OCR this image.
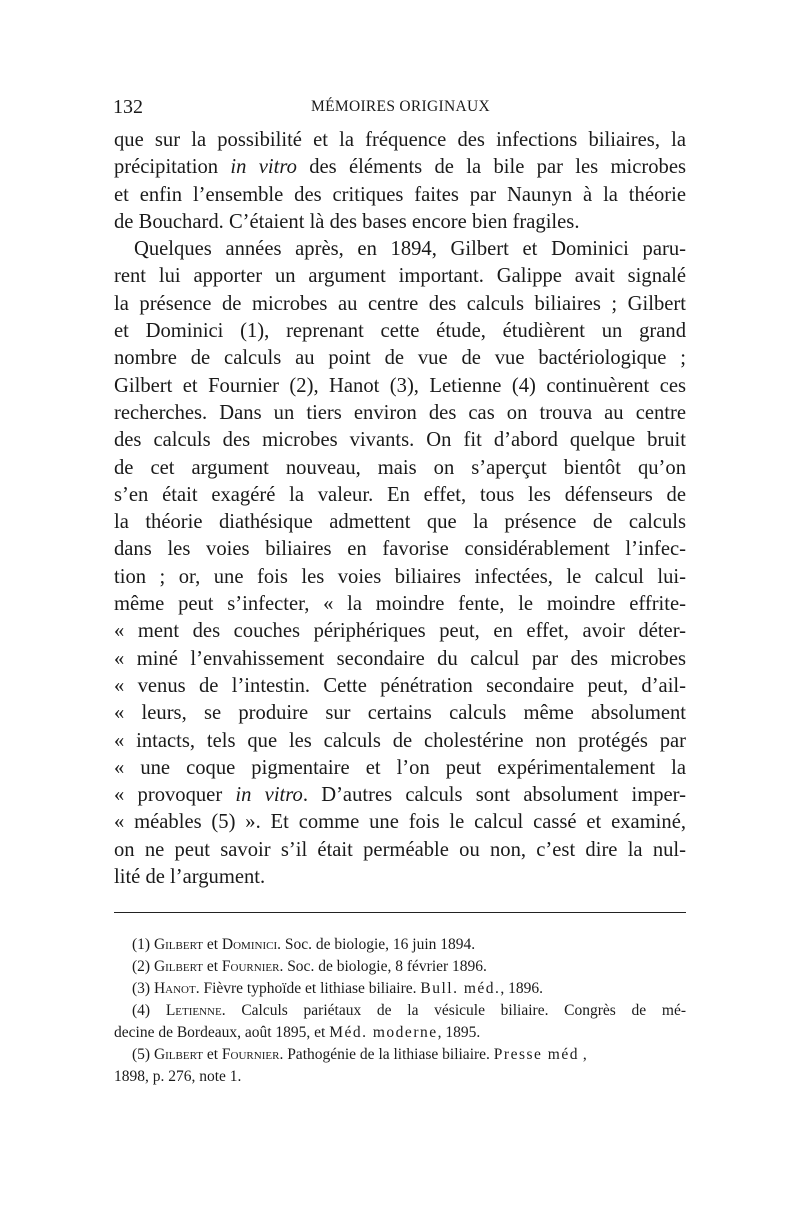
132	MÉMOIRES ORIGINAUX
que sur la possibilité et la fréquence des infections biliaires, la
précipitation in vitro des éléments de la bile par les microbes
et enfin l’ensemble des critiques faites par Naunyn à la théorie
de Bouchard. C’étaient là des bases encore bien fragiles.
Quelques années après, en 1894, Gilbert et Dominici paru-
rent lui apporter un argument important. Galippe avait signalé
la présence de microbes au centre des calculs biliaires ; Gilbert
et Dominici (1), reprenant cette étude, étudièrent un grand
nombre de calculs au point de vue de vue bactériologique ;
Gilbert et Fournier (2), Hanot (3), Letienne (4) continuèrent ces
recherches. Dans un tiers environ des cas on trouva au centre
des calculs des microbes vivants. On fit d’abord quelque bruit
de cet argument nouveau, mais on s’aperçut bientôt qu’on
s’en était exagéré la valeur. En effet, tous les défenseurs de
la théorie diathésique admettent que la présence de calculs
dans les voies biliaires en favorise considérablement l’infec-
tion ; or, une fois les voies biliaires infectées, le calcul lui-
même peut s’infecter, « la moindre fente, le moindre effrite-
« ment des couches périphériques peut, en effet, avoir déter-
« miné l’envahissement secondaire du calcul par des microbes
« venus de l’intestin. Cette pénétration secondaire peut, d’ail-
« leurs, se produire sur certains calculs même absolument
« intacts, tels que les calculs de cholestérine non protégés par
« une coque pigmentaire et l’on peut expérimentalement la
« provoquer in vitro. D’autres calculs sont absolument imper-
« méables (5) ». Et comme une fois le calcul cassé et examiné,
on ne peut savoir s’il était perméable ou non, c’est dire la nul-
lité de l’argument.
(1) Gilbert et Dominici. Soc. de biologie, 16 juin 1894.
(2) Gilbert et Fournier. Soc. de biologie, 8 février 1896.
(3) Hanot. Fièvre typhoïde et lithiase biliaire. Bull. méd., 1896.
(4) Letienne. Calculs pariétaux de la vésicule biliaire. Congrès de mé-
decine de Bordeaux, août 1895, et Méd. moderne, 1895.
(5) Gilbert et Fournier. Pathogénie de la lithiase biliaire. Presse méd ,
1898, p. 276, note 1.
